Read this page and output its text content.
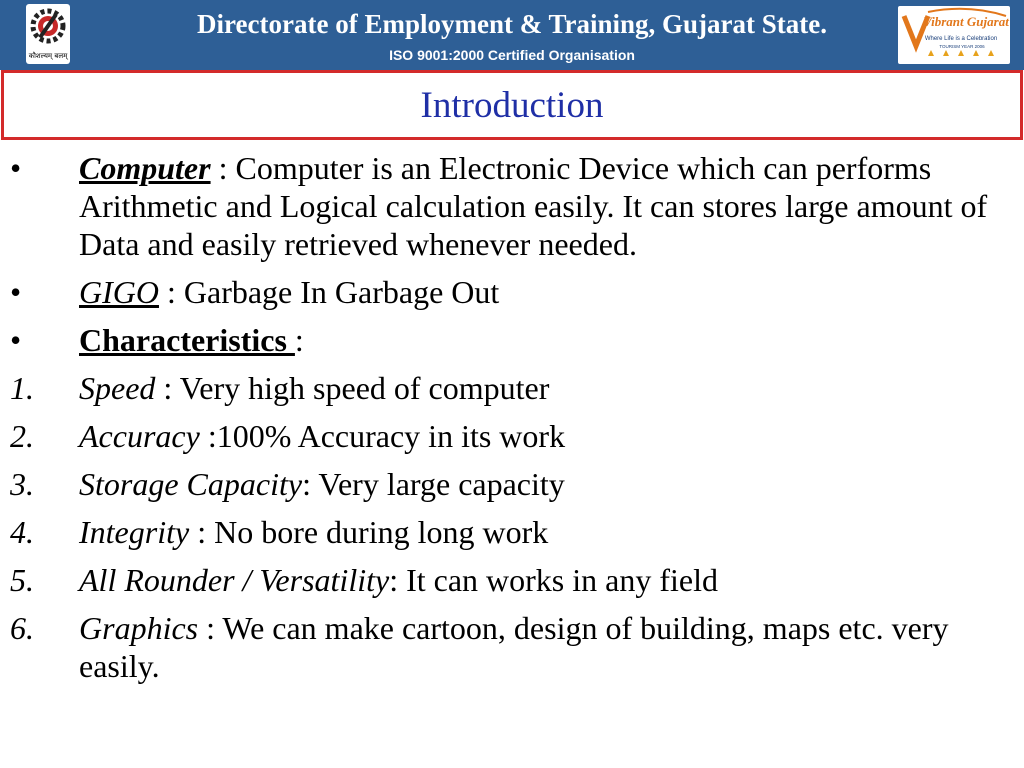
कौशल्यम् बलम्
Directorate of Employment & Training, Gujarat State.
ISO 9001:2000 Certified Organisation
Vibrant Gujarat
Where Life is a Celebration
TOURISM YEAR 2006
Introduction
• Computer : Computer is an Electronic Device which can performs Arithmetic and Logical calculation easily. It can stores large amount of Data and easily retrieved whenever needed.
• GIGO : Garbage In Garbage Out
• Characteristics :
1. Speed : Very high speed of computer
2. Accuracy :100% Accuracy in its work
3. Storage Capacity: Very large capacity
4. Integrity : No bore during long work
5. All Rounder / Versatility: It can works in any field
6. Graphics : We can make cartoon, design of building, maps etc. very easily.
